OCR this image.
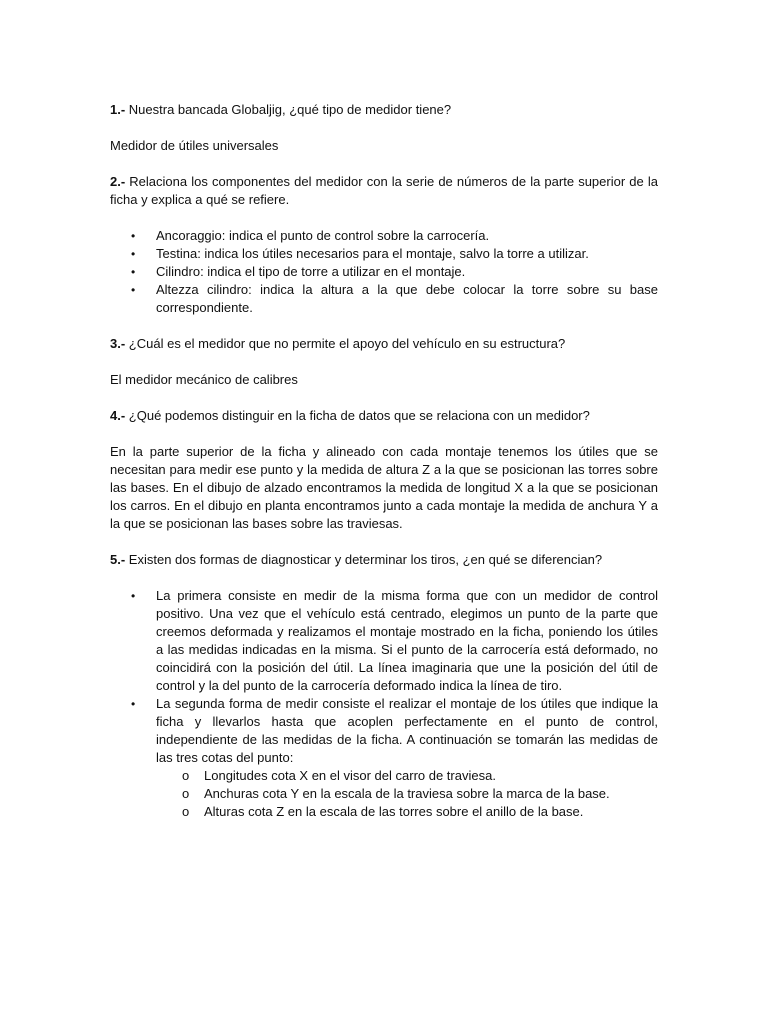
1.- Nuestra bancada Globaljig, ¿qué tipo de medidor tiene?

Medidor de útiles universales

2.- Relaciona los componentes del medidor con la serie de números de la parte superior de la ficha y explica a qué se refiere.

• Ancoraggio: indica el punto de control sobre la carrocería.
• Testina: indica los útiles necesarios para el montaje, salvo la torre a utilizar.
• Cilindro: indica el tipo de torre a utilizar en el montaje.
• Altezza cilindro: indica la altura a la que debe colocar la torre sobre su base correspondiente.

3.- ¿Cuál es el medidor que no permite el apoyo del vehículo en su estructura?

El medidor mecánico de calibres

4.- ¿Qué podemos distinguir en la ficha de datos que se relaciona con un medidor?

En la parte superior de la ficha y alineado con cada montaje tenemos los útiles que se necesitan para medir ese punto y la medida de altura Z a la que se posicionan las torres sobre las bases. En el dibujo de alzado encontramos la medida de longitud X a la que se posicionan los carros. En el dibujo en planta encontramos junto a cada montaje la medida de anchura Y a la que se posicionan las bases sobre las traviesas.

5.- Existen dos formas de diagnosticar y determinar los tiros, ¿en qué se diferencian?

• La primera consiste en medir de la misma forma que con un medidor de control positivo. Una vez que el vehículo está centrado, elegimos un punto de la parte que creemos deformada y realizamos el montaje mostrado en la ficha, poniendo los útiles a las medidas indicadas en la misma. Si el punto de la carrocería está deformado, no coincidirá con la posición del útil. La línea imaginaria que une la posición del útil de control y la del punto de la carrocería deformado indica la línea de tiro.
• La segunda forma de medir consiste el realizar el montaje de los útiles que indique la ficha y llevarlos hasta que acoplen perfectamente en el punto de control, independiente de las medidas de la ficha. A continuación se tomarán las medidas de las tres cotas del punto:
o Longitudes cota X en el visor del carro de traviesa.
o Anchuras cota Y en la escala de la traviesa sobre la marca de la base.
o Alturas cota Z en la escala de las torres sobre el anillo de la base.
